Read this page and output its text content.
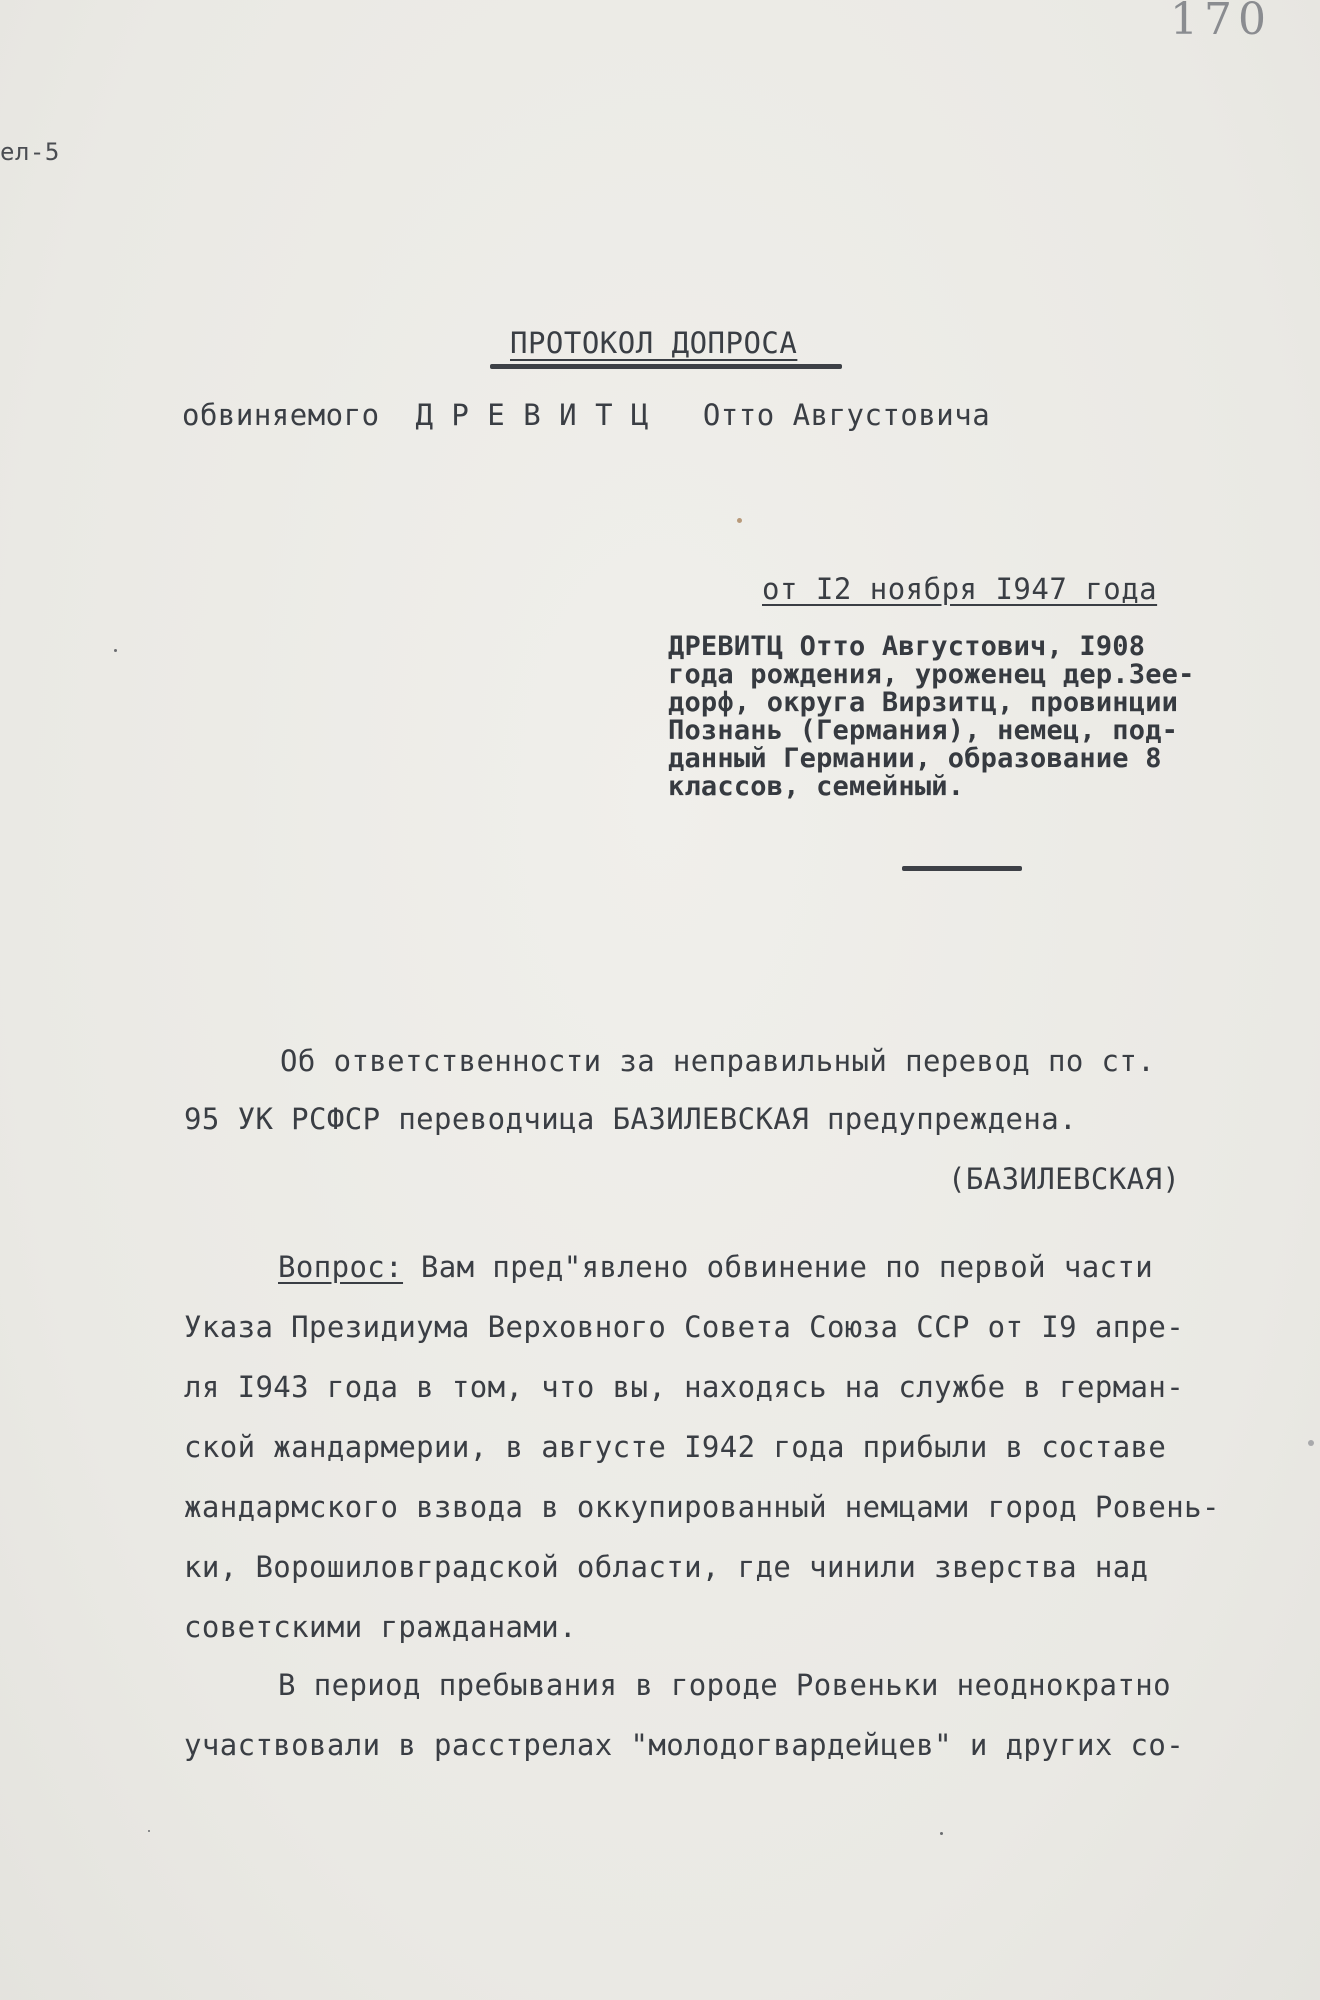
170
ел-5
ПРОТОКОЛ ДОПРОСА
обвиняемого  Д Р Е В И Т Ц   Отто Августовича
от I2 ноября I947 года
ДРЕВИТЦ Отто Августович, I908
года рождения, уроженец дер.Зее-
дорф, округа Вирзитц, провинции
Познань (Германия), немец, под-
данный Германии, образование 8
классов, семейный.
Об ответственности за неправильный перевод по ст.
95 УК РСФСР переводчица БАЗИЛЕВСКАЯ предупреждена.
(БАЗИЛЕВСКАЯ)
Вопрос: Вам пред"явлено обвинение по первой части
Указа Президиума Верховного Совета Союза ССР от I9 апре-
ля I943 года в том, что вы, находясь на службе в герман-
ской жандармерии, в августе I942 года прибыли в составе
жандармского взвода в оккупированный немцами город Ровень-
ки, Ворошиловградской области, где чинили зверства над
советскими гражданами.
В период пребывания в городе Ровеньки неоднократно
участвовали в расстрелах "молодогвардейцев" и других со-
